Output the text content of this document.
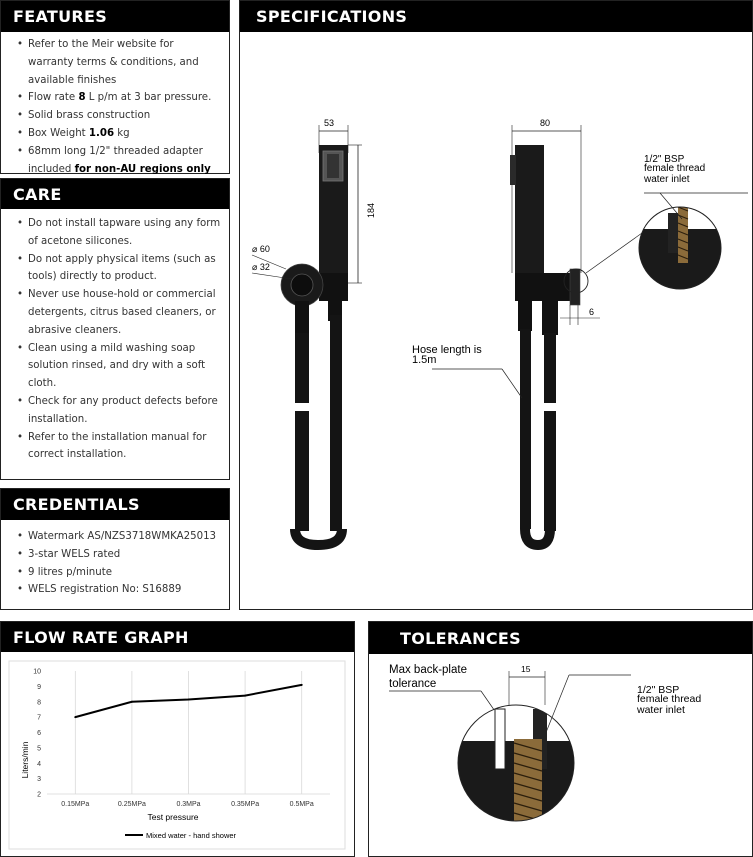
FEATURES
• Refer to the Meir website for warranty terms & conditions, and available finishes
• Flow rate 8 L p/m at 3 bar pressure.
• Solid brass construction
• Box Weight 1.06 kg
• 68mm long 1/2" threaded adapter included for non-AU regions only
CARE
• Do not install tapware using any form of acetone silicones.
• Do not apply physical items (such as tools) directly to product.
• Never use house-hold or commercial detergents, citrus based cleaners, or abrasive cleaners.
• Clean using a mild washing soap solution rinsed, and dry with a soft cloth.
• Check for any product defects before installation.
• Refer to the installation manual for correct installation.
CREDENTIALS
• Watermark AS/NZS3718WMKA25013
• 3-star WELS rated
• 9 litres p/minute
• WELS registration No: S16889
SPECIFICATIONS
53
184
⌀ 60
⌀ 32
80
6
Hose length is
1.5m
1/2" BSP
female thread
water inlet
FLOW RATE GRAPH
2
3
4
5
6
7
8
9
10
0.15MPa	0.25MPa	0.3MPa	0.35MPa	0.5MPa
Test pressure
Liters/min
Mixed water - hand shower
TOLERANCES
Max back-plate
tolerance
15
1/2" BSP
female thread
water inlet
